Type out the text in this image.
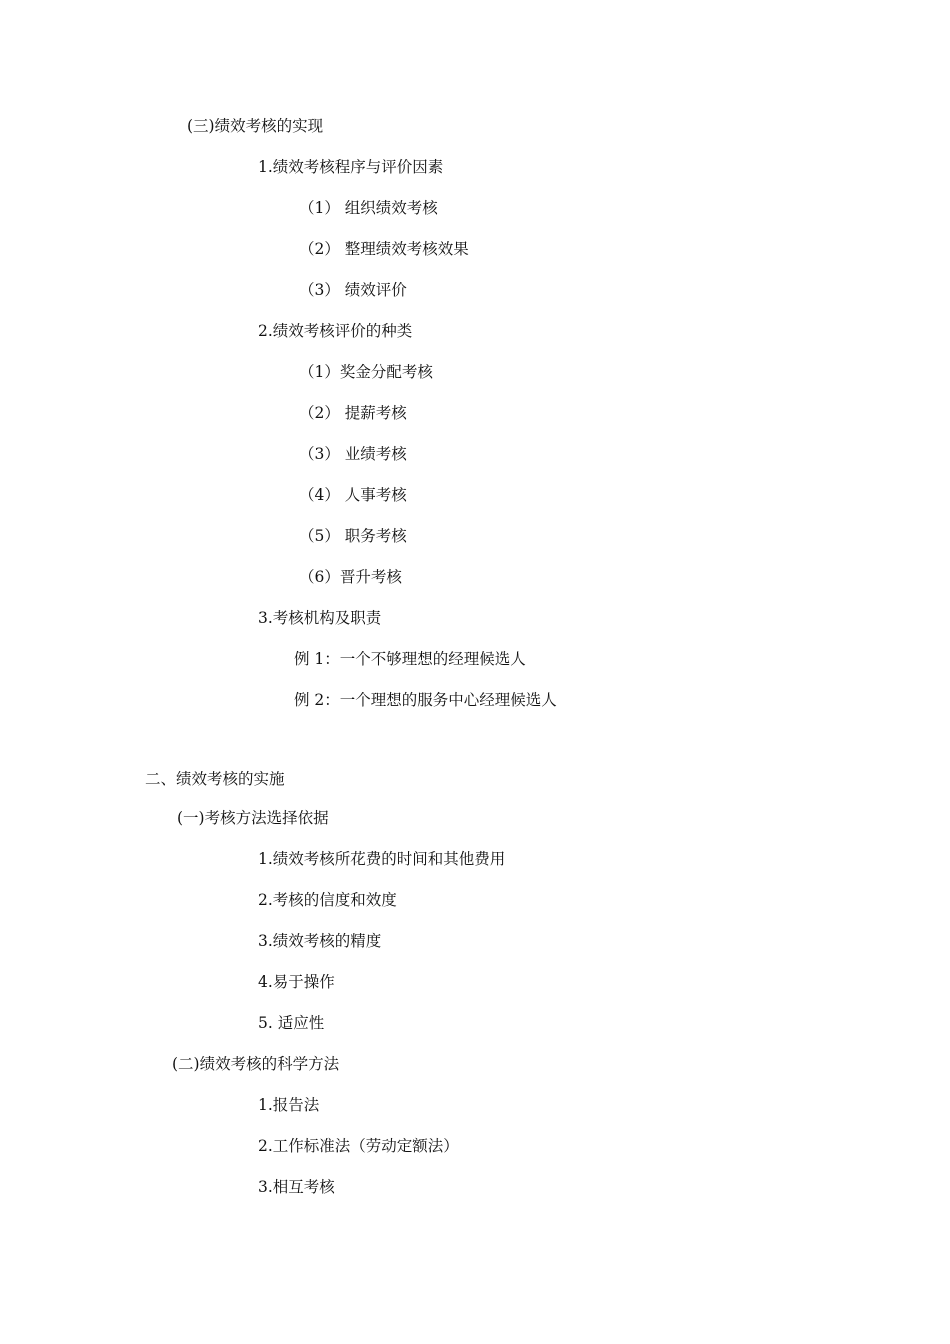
(三)绩效考核的实现
1.绩效考核程序与评价因素
（1） 组织绩效考核
（2） 整理绩效考核效果
（3） 绩效评价
2.绩效考核评价的种类
（1）奖金分配考核
（2） 提薪考核
（3） 业绩考核
（4） 人事考核
（5） 职务考核
（6）晋升考核
3.考核机构及职责
例 1：一个不够理想的经理候选人
例 2：一个理想的服务中心经理候选人
二、绩效考核的实施
(一)考核方法选择依据
1.绩效考核所花费的时间和其他费用
2.考核的信度和效度
3.绩效考核的精度
4.易于操作
5. 适应性
(二)绩效考核的科学方法
1.报告法
2.工作标准法（劳动定额法）
3.相互考核
